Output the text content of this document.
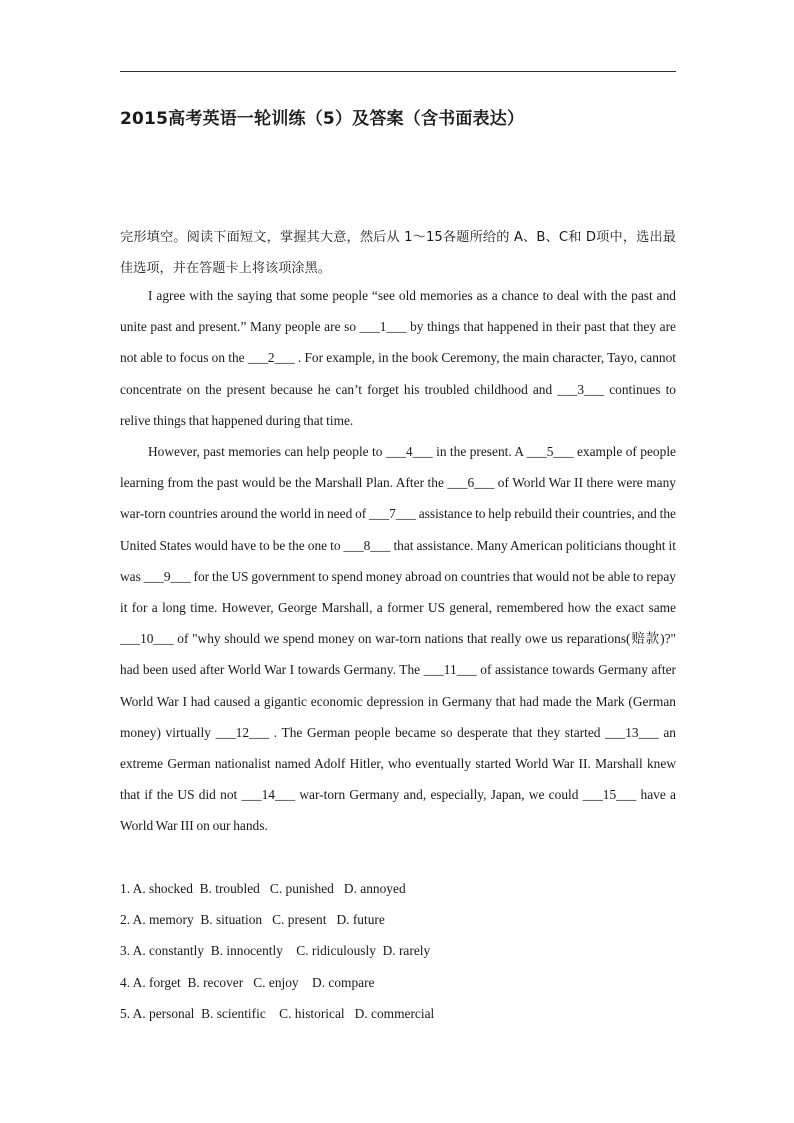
2015高考英语一轮训练（5）及答案（含书面表达）
完形填空。阅读下面短文，掌握其大意，然后从 1～15各题所给的 A、B、C和 D项中，选出最佳选项，并在答题卡上将该项涂黑。

I agree with the saying that some people “see old memories as a chance to deal with the past and unite past and present.” Many people are so ___1___ by things that happened in their past that they are not able to focus on the ___2___ . For example, in the book Ceremony, the main character, Tayo, cannot concentrate on the present because he can’t forget his troubled childhood and ___3___ continues to relive things that happened during that time.

However, past memories can help people to ___4___ in the present. A ___5___ example of people learning from the past would be the Marshall Plan. After the ___6___ of World War II there were many war-torn countries around the world in need of ___7___ assistance to help rebuild their countries, and the United States would have to be the one to ___8___ that assistance. Many American politicians thought it was ___9___ for the US government to spend money abroad on countries that would not be able to repay it for a long time. However, George Marshall, a former US general, remembered how the exact same ___10___ of "why should we spend money on war-torn nations that really owe us reparations(赔款)?" had been used after World War I towards Germany. The ___11___ of assistance towards Germany after World War I had caused a gigantic economic depression in Germany that had made the Mark (German money) virtually ___12___ . The German people became so desperate that they started ___13___ an extreme German nationalist named Adolf Hitler, who eventually started World War II. Marshall knew that if the US did not ___14___ war-torn Germany and, especially, Japan, we could ___15___ have a World War III on our hands.

1. A. shocked  B. troubled   C. punished   D. annoyed
2. A. memory  B. situation   C. present   D. future
3. A. constantly  B. innocently    C. ridiculously  D. rarely
4. A. forget  B. recover   C. enjoy    D. compare
5. A. personal  B. scientific    C. historical   D. commercial
